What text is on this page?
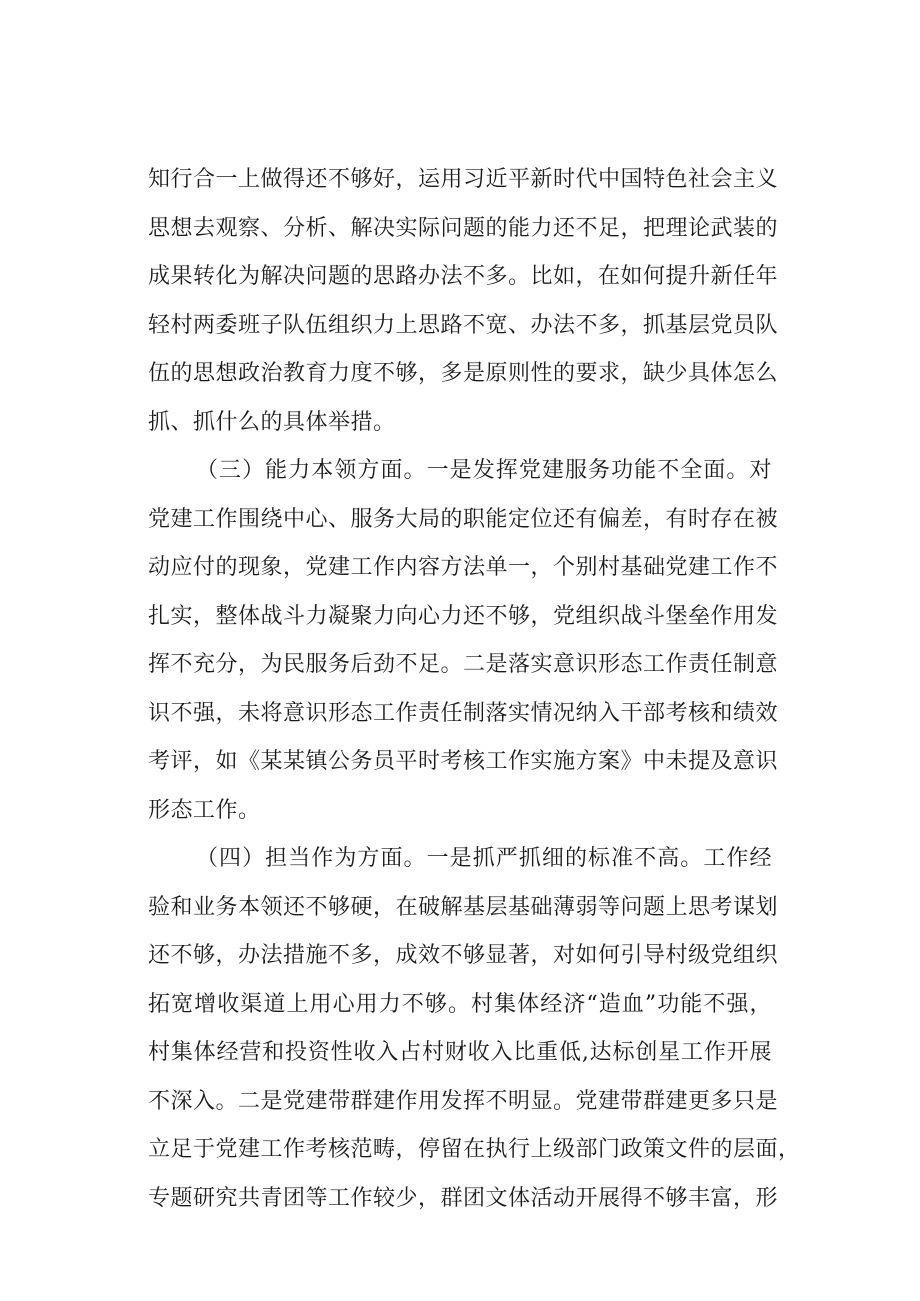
知行合一上做得还不够好，运用习近平新时代中国特色社会主义
思想去观察、分析、解决实际问题的能力还不足，把理论武装的
成果转化为解决问题的思路办法不多。比如，在如何提升新任年
轻村两委班子队伍组织力上思路不宽、办法不多，抓基层党员队
伍的思想政治教育力度不够，多是原则性的要求，缺少具体怎么
抓、抓什么的具体举措。
（三）能力本领方面。一是发挥党建服务功能不全面。对
党建工作围绕中心、服务大局的职能定位还有偏差，有时存在被
动应付的现象，党建工作内容方法单一，个别村基础党建工作不
扎实，整体战斗力凝聚力向心力还不够，党组织战斗堡垒作用发
挥不充分，为民服务后劲不足。二是落实意识形态工作责任制意
识不强，未将意识形态工作责任制落实情况纳入干部考核和绩效
考评，如《某某镇公务员平时考核工作实施方案》中未提及意识
形态工作。
（四）担当作为方面。一是抓严抓细的标准不高。工作经
验和业务本领还不够硬，在破解基层基础薄弱等问题上思考谋划
还不够，办法措施不多，成效不够显著，对如何引导村级党组织
拓宽增收渠道上用心用力不够。村集体经济“造血”功能不强，
村集体经营和投资性收入占村财收入比重低,达标创星工作开展
不深入。二是党建带群建作用发挥不明显。党建带群建更多只是
立足于党建工作考核范畴，停留在执行上级部门政策文件的层面，
专题研究共青团等工作较少，群团文体活动开展得不够丰富，形
